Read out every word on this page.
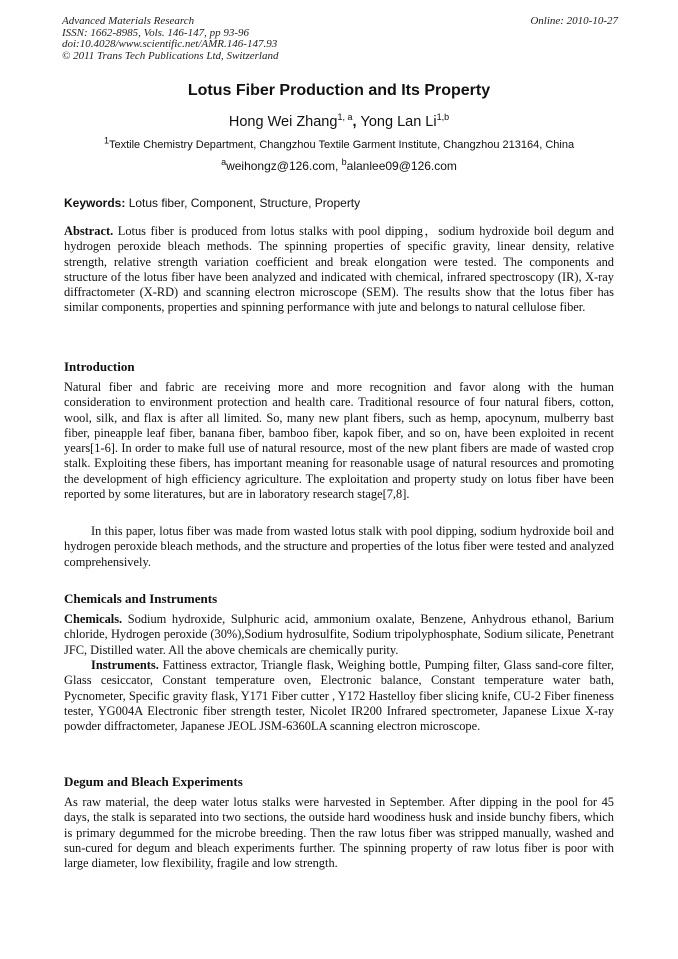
Advanced Materials Research
ISSN: 1662-8985, Vols. 146-147, pp 93-96
doi:10.4028/www.scientific.net/AMR.146-147.93
© 2011 Trans Tech Publications Ltd, Switzerland
Online: 2010-10-27
Lotus Fiber Production and Its Property
Hong Wei Zhang$^{1, a}$, Yong Lan Li$^{1,b}$
$^1$Textile Chemistry Department, Changzhou Textile Garment Institute, Changzhou 213164, China
$^a$weihongz@126.com, $^b$alanlee09@126.com
Keywords: Lotus fiber, Component, Structure, Property

Abstract. Lotus fiber is produced from lotus stalks with pool dipping，sodium hydroxide boil degum and hydrogen peroxide bleach methods. The spinning properties of specific gravity, linear density, relative strength, relative strength variation coefficient and break elongation were tested. The components and structure of the lotus fiber have been analyzed and indicated with chemical, infrared spectroscopy (IR), X-ray diffractometer (X-RD) and scanning electron microscope (SEM). The results show that the lotus fiber has similar components, properties and spinning performance with jute and belongs to natural cellulose fiber.

Introduction

Natural fiber and fabric are receiving more and more recognition and favor along with the human consideration to environment protection and health care. Traditional resource of four natural fibers, cotton, wool, silk, and flax is after all limited. So, many new plant fibers, such as hemp, apocynum, mulberry bast fiber, pineapple leaf fiber, banana fiber, bamboo fiber, kapok fiber, and so on, have been exploited in recent years[1-6]. In order to make full use of natural resource, most of the new plant fibers are made of wasted crop stalk. Exploiting these fibers, has important meaning for reasonable usage of natural resources and promoting the development of high efficiency agriculture. The exploitation and property study on lotus fiber have been reported by some literatures, but are in laboratory research stage[7,8].

In this paper, lotus fiber was made from wasted lotus stalk with pool dipping, sodium hydroxide boil and hydrogen peroxide bleach methods, and the structure and properties of the lotus fiber were tested and analyzed comprehensively.

Chemicals and Instruments

Chemicals. Sodium hydroxide, Sulphuric acid, ammonium oxalate, Benzene, Anhydrous ethanol, Barium chloride, Hydrogen peroxide (30%),Sodium hydrosulfite, Sodium tripolyphosphate, Sodium silicate, Penetrant JFC, Distilled water. All the above chemicals are chemically purity.

Instruments. Fattiness extractor, Triangle flask, Weighing bottle, Pumping filter, Glass sand-core filter, Glass cesiccator, Constant temperature oven, Electronic balance, Constant temperature water bath, Pycnometer, Specific gravity flask, Y171 Fiber cutter , Y172 Hastelloy fiber slicing knife, CU-2 Fiber fineness tester, YG004A Electronic fiber strength tester, Nicolet IR200 Infrared spectrometer, Japanese Lixue X-ray powder diffractometer, Japanese JEOL JSM-6360LA scanning electron microscope.

Degum and Bleach Experiments

As raw material, the deep water lotus stalks were harvested in September. After dipping in the pool for 45 days, the stalk is separated into two sections, the outside hard woodiness husk and inside bunchy fibers, which is primary degummed for the microbe breeding. Then the raw lotus fiber was stripped manually, washed and sun-cured for degum and bleach experiments further. The spinning property of raw lotus fiber is poor with large diameter, low flexibility, fragile and low strength.
